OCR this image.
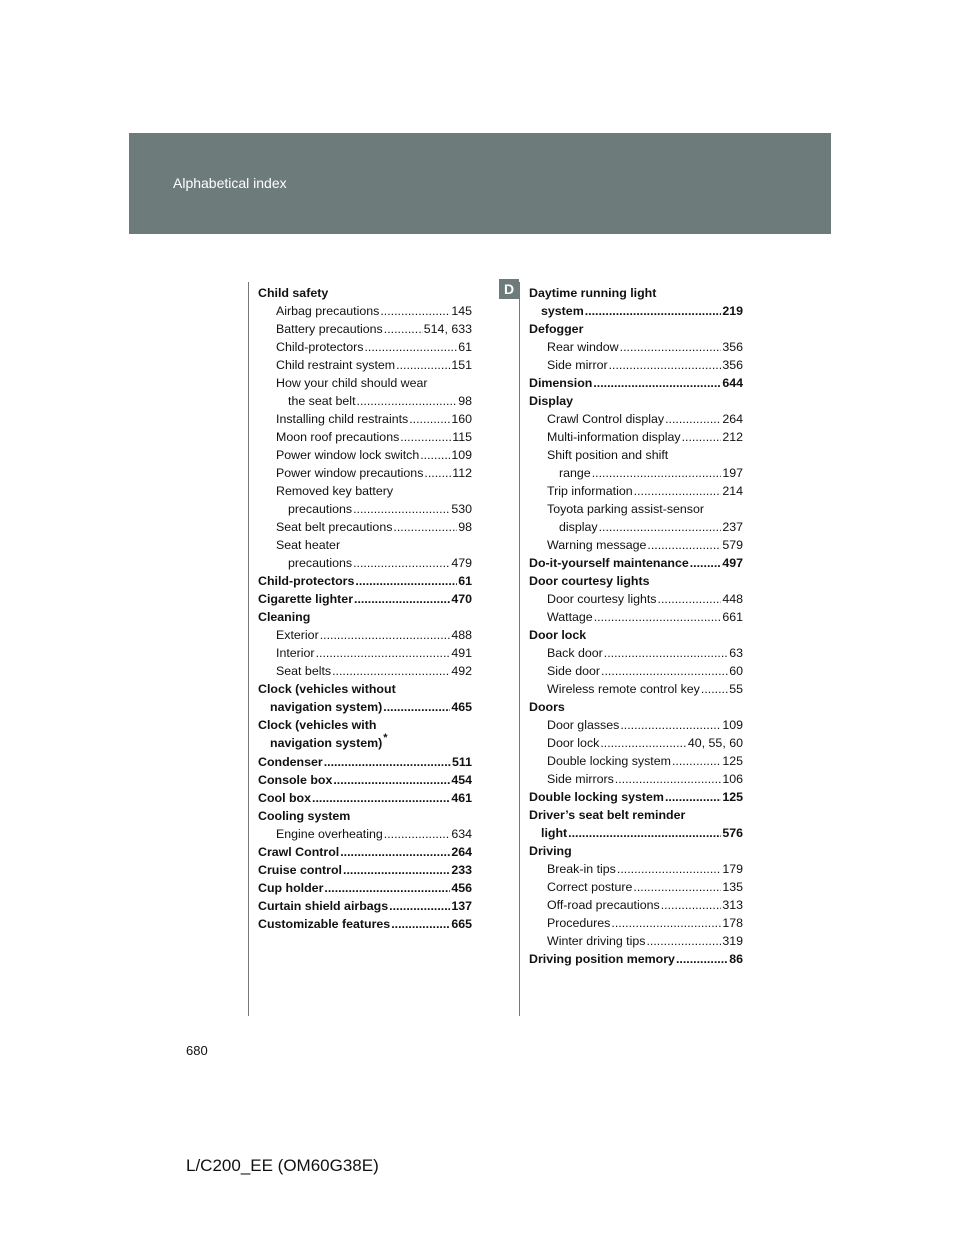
Alphabetical index
D
Child safety
Airbag precautions .....	145
Battery precautions .....	514, 633
Child-protectors .....	61
Child restraint system .....	151
How your child should wear
the seat belt .....	98
Installing child restraints .....	160
Moon roof precautions .....	115
Power window lock switch .....	109
Power window precautions ..... 112
Removed key battery
precautions .....	530
Seat belt precautions .....	98
Seat heater
precautions .....	479
Child-protectors .....	61
Cigarette lighter .....	470
Cleaning
Exterior .....	488
Interior .....	491
Seat belts .....	492
Clock (vehicles without
navigation system) .....	465
Clock (vehicles with
navigation system)*
Condenser .....	511
Console box .....	454
Cool box .....	461
Cooling system
Engine overheating .....	634
Crawl Control .....	264
Cruise control .....	233
Cup holder .....	456
Curtain shield airbags .....	137
Customizable features .....	665
Daytime running light
system .....	219
Defogger
Rear window .....	356
Side mirror .....	356
Dimension .....	644
Display
Crawl Control display .....	264
Multi-information display .....	212
Shift position and shift
range .....	197
Trip information .....	214
Toyota parking assist-sensor
display .....	237
Warning message .....	579
Do-it-yourself maintenance .....	497
Door courtesy lights
Door courtesy lights .....	448
Wattage .....	661
Door lock
Back door .....	63
Side door .....	60
Wireless remote control key ..... 55
Doors
Door glasses .....	109
Door lock .....	40, 55, 60
Double locking system .....	125
Side mirrors .....	106
Double locking system .....	125
Driver’s seat belt reminder
light .....	576
Driving
Break-in tips .....	179
Correct posture .....	135
Off-road precautions .....	313
Procedures .....	178
Winter driving tips .....	319
Driving position memory .....	86
680
L/C200_EE (OM60G38E)
